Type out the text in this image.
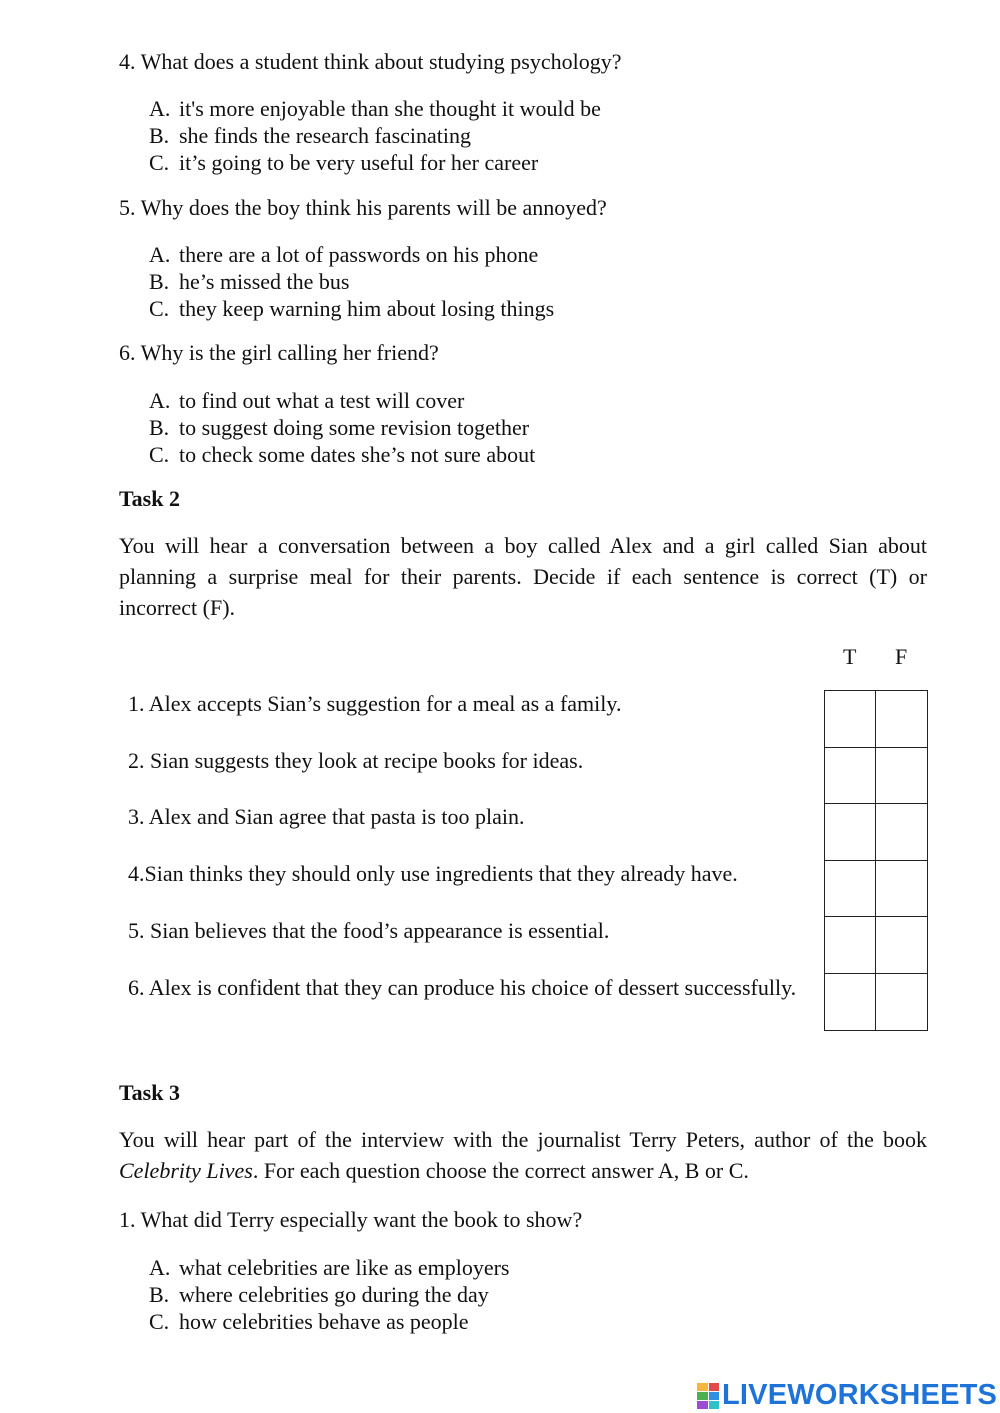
4. What does a student think about studying psychology?
A. it's more enjoyable than she thought it would be
B. she finds the research fascinating
C. it’s going to be very useful for her career
5. Why does the boy think his parents will be annoyed?
A. there are a lot of passwords on his phone
B. he’s missed the bus
C. they keep warning him about losing things
6. Why is the girl calling her friend?
A. to find out what a test will cover
B. to suggest doing some revision together
C. to check some dates she’s not sure about
Task 2
You will hear a conversation between a boy called Alex and a girl called Sian about planning a surprise meal for their parents. Decide if each sentence is correct (T) or incorrect (F).
T F
1. Alex accepts Sian’s suggestion for a meal as a family.
2. Sian suggests they look at recipe books for ideas.
3. Alex and Sian agree that pasta is too plain.
4.Sian thinks they should only use ingredients that they already have.
5. Sian believes that the food’s appearance is essential.
6. Alex is confident that they can produce his choice of dessert successfully.
Task 3
You will hear part of the interview with the journalist Terry Peters, author of the book Celebrity Lives. For each question choose the correct answer A, B or C.
1. What did Terry especially want the book to show?
A. what celebrities are like as employers
B. where celebrities go during the day
C. how celebrities behave as people
LIVEWORKSHEETS
